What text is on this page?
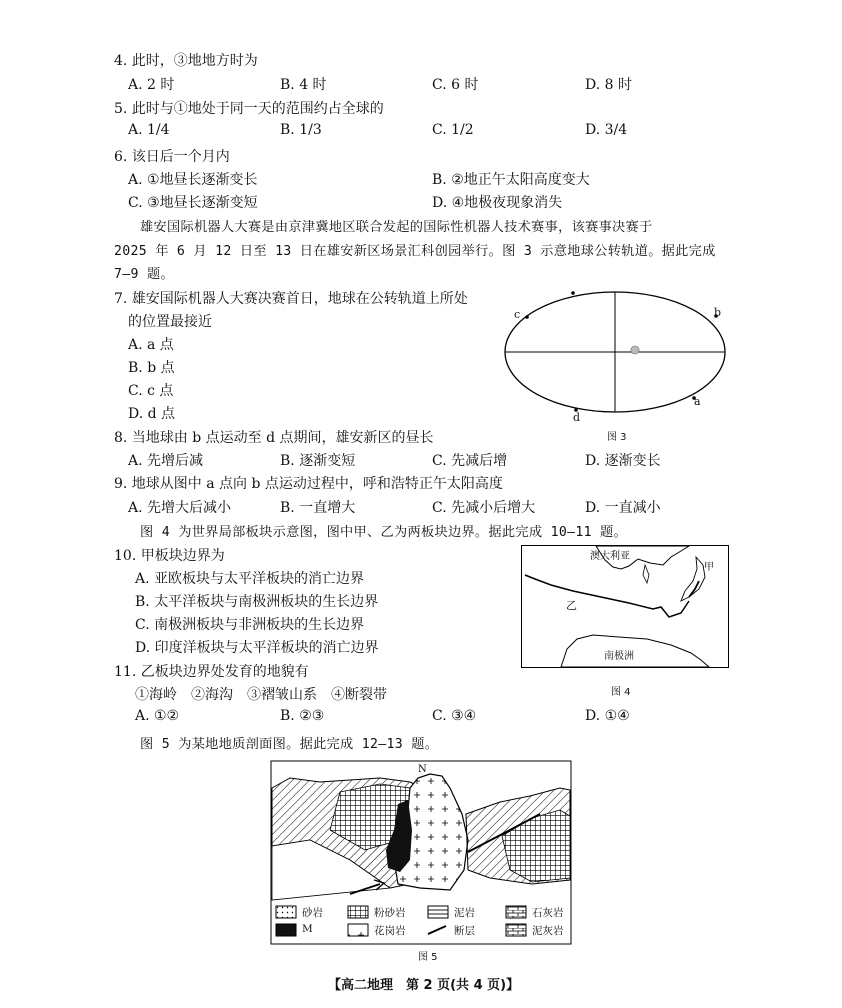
4. 此时，③地地方时为
A. 2 时	B. 4 时	C. 6 时	D. 8 时
5. 此时与①地处于同一天的范围约占全球的
A. 1/4	B. 1/3	C. 1/2	D. 3/4
6. 该日后一个月内
A. ①地昼长逐渐变长	B. ②地正午太阳高度变大
C. ③地昼长逐渐变短	D. ④地极夜现象消失
雄安国际机器人大赛是由京津冀地区联合发起的国际性机器人技术赛事，该赛事决赛于
2025 年 6 月 12 日至 13 日在雄安新区场景汇科创园举行。图 3 示意地球公转轨道。据此完成
7—9 题。
7. 雄安国际机器人大赛决赛首日，地球在公转轨道上所处
的位置最接近
A. a 点
B. b 点
C. c 点
D. d 点
b
c
a
d
图 3
8. 当地球由 b 点运动至 d 点期间，雄安新区的昼长
A. 先增后减	B. 逐渐变短	C. 先减后增	D. 逐渐变长
9. 地球从图中 a 点向 b 点运动过程中，呼和浩特正午太阳高度
A. 先增大后减小	B. 一直增大	C. 先减小后增大	D. 一直减小
图 4 为世界局部板块示意图，图中甲、乙为两板块边界。据此完成 10—11 题。
10. 甲板块边界为
A. 亚欧板块与太平洋板块的消亡边界
B. 太平洋板块与南极洲板块的生长边界
C. 南极洲板块与非洲板块的生长边界
D. 印度洋板块与太平洋板块的消亡边界
澳大利亚
甲
乙
南极洲
图 4
11. 乙板块边界处发育的地貌有
①海岭　②海沟　③褶皱山系　④断裂带
A. ①②	B. ②③	C. ③④	D. ①④
图 5 为某地地质剖面图。据此完成 12—13 题。
N
砂岩	粉砂岩	泥岩	石灰岩
M	花岗岩	断层	泥灰岩
图 5
【高二地理　第 2 页(共 4 页)】
